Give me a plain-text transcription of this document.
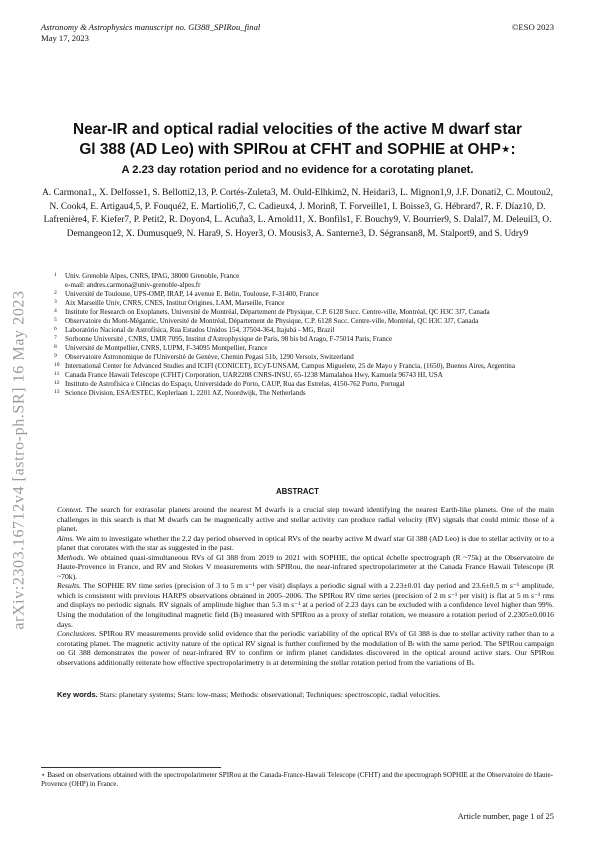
Astronomy & Astrophysics manuscript no. Gl388_SPIRou_final
May 17, 2023
©ESO 2023
arXiv:2303.16712v4 [astro-ph.SR] 16 May 2023
Near-IR and optical radial velocities of the active M dwarf star
Gl 388 (AD Leo) with SPIRou at CFHT and SOPHIE at OHP⋆:
A 2.23 day rotation period and no evidence for a corotating planet.
A. Carmona1,, X. Delfosse1, S. Bellotti2,13, P. Cortés-Zuleta3, M. Ould-Elhkim2, N. Heidari3, L. Mignon1,9, J.F. Donati2, C. Moutou2, N. Cook4, E. Artigau4,5, P. Fouqué2, E. Martioli6,7, C. Cadieux4, J. Morin8, T. Forveille1, I. Boisse3, G. Hébrard7, R. F. Díaz10, D. Lafrenière4, F. Kiefer7, P. Petit2, R. Doyon4, L. Acuña3, L. Arnold11, X. Bonfils1, F. Bouchy9, V. Bourrier9, S. Dalal7, M. Deleuil3, O. Demangeon12, X. Dumusque9, N. Hara9, S. Hoyer3, O. Mousis3, A. Santerne3, D. Ségransan8, M. Stalport9, and S. Udry9
1	Univ. Grenoble Alpes, CNRS, IPAG, 38000 Grenoble, France
e-mail: andres.carmona@univ-grenoble-alpes.fr
2	Université de Toulouse, UPS-OMP, IRAP, 14 avenue E. Belin, Toulouse, F-31400, France
3	Aix Marseille Univ, CNRS, CNES, Institut Origines, LAM, Marseille, France
4	Institute for Research on Exoplanets, Université de Montréal, Département de Physique, C.P. 6128 Succ. Centre-ville, Montréal, QC H3C 3J7, Canada
5	Observatoire du Mont-Mégantic, Université de Montréal, Département de Physique, C.P. 6128 Succ. Centre-ville, Montréal, QC H3C 3J7, Canada
6	Laboratório Nacional de Astrofísica, Rua Estados Unidos 154, 37504-364, Itajubá - MG, Brazil
7	Sorbonne Université , CNRS, UMR 7095, Institut d'Astrophysique de Paris, 98 bis bd Arago, F-75014 Paris, France
8	Université de Montpellier, CNRS, LUPM, F-34095 Montpellier, France
9	Observatoire Astronomique de l'Université de Genève, Chemin Pegasi 51b, 1290 Versoix, Switzerland
10 International Center for Advanced Studies and ICIFI (CONICET), ECyT-UNSAM, Campus Miguelete, 25 de Mayo y Francia, (1650), Buenos Aires, Argentina
11 Canada France Hawaii Telescope (CFHT) Corporation, UAR2208 CNRS-INSU, 65-1238 Mamalahoa Hwy, Kamuela 96743 HI, USA
12 Instituto de Astrofísica e Ciências do Espaço, Universidade do Porto, CAUP, Rua das Estrelas, 4150-762 Porto, Portugal
13 Science Division, ESA/ESTEC, Keplerlaan 1, 2201 AZ, Noordwijk, The Netherlands
ABSTRACT

Context. The search for extrasolar planets around the nearest M dwarfs is a crucial step toward identifying the nearest Earth-like planets. One of the main challenges in this search is that M dwarfs can be magnetically active and stellar activity can produce radial velocity (RV) signals that could mimic those of a planet.

Aims. We aim to investigate whether the 2.2 day period observed in optical RVs of the nearby active M dwarf star Gl 388 (AD Leo) is due to stellar activity or to a planet that corotates with the star as suggested in the past.

Methods. We obtained quasi-simultaneous RVs of Gl 388 from 2019 to 2021 with SOPHIE, the optical échelle spectrograph (R ~75k) at the Observatoire de Haute-Provence in France, and RV and Stokes V measurements with SPIRou, the near-infrared spectropolarimeter at the Canada France Hawaii Telescope (R ~70k).

Results. The SOPHIE RV time series (precision of 3 to 5 m s⁻¹ per visit) displays a periodic signal with a 2.23±0.01 day period and 23.6±0.5 m s⁻¹ amplitude, which is consistent with previous HARPS observations obtained in 2005–2006. The SPIRou RV time series (precision of 2 m s⁻¹ per visit) is flat at 5 m s⁻¹ rms and displays no periodic signals. RV signals of amplitude higher than 5.3 m s⁻¹ at a period of 2.23 days can be excluded with a confidence level higher than 99%. Using the modulation of the longitudinal magnetic field (Bₗ) measured with SPIRou as a proxy of stellar rotation, we measure a rotation period of 2.2305±0.0016 days.

Conclusions. SPIRou RV measurements provide solid evidence that the periodic variability of the optical RVs of Gl 388 is due to stellar activity rather than to a corotating planet. The magnetic activity nature of the optical RV signal is further confirmed by the modulation of Bₗ with the same period. The SPIRou campaign on Gl 388 demonstrates the power of near-infrared RV to confirm or infirm planet candidates discovered in the optical around active stars. Our SPIRou observations additionally reiterate how effective spectropolarimetry is at determining the stellar rotation period from the variations of Bₗ.

Key words. Stars: planetary systems; Stars: low-mass; Methods: observational; Techniques: spectroscopic, radial velocities.
⋆ Based on observations obtained with the spectropolarimeter SPIRou at the Canada-France-Hawaii Telescope (CFHT) and the spectrograph SOPHIE at the Observatoire de Haute-Provence (OHP) in France.
Article number, page 1 of 25
